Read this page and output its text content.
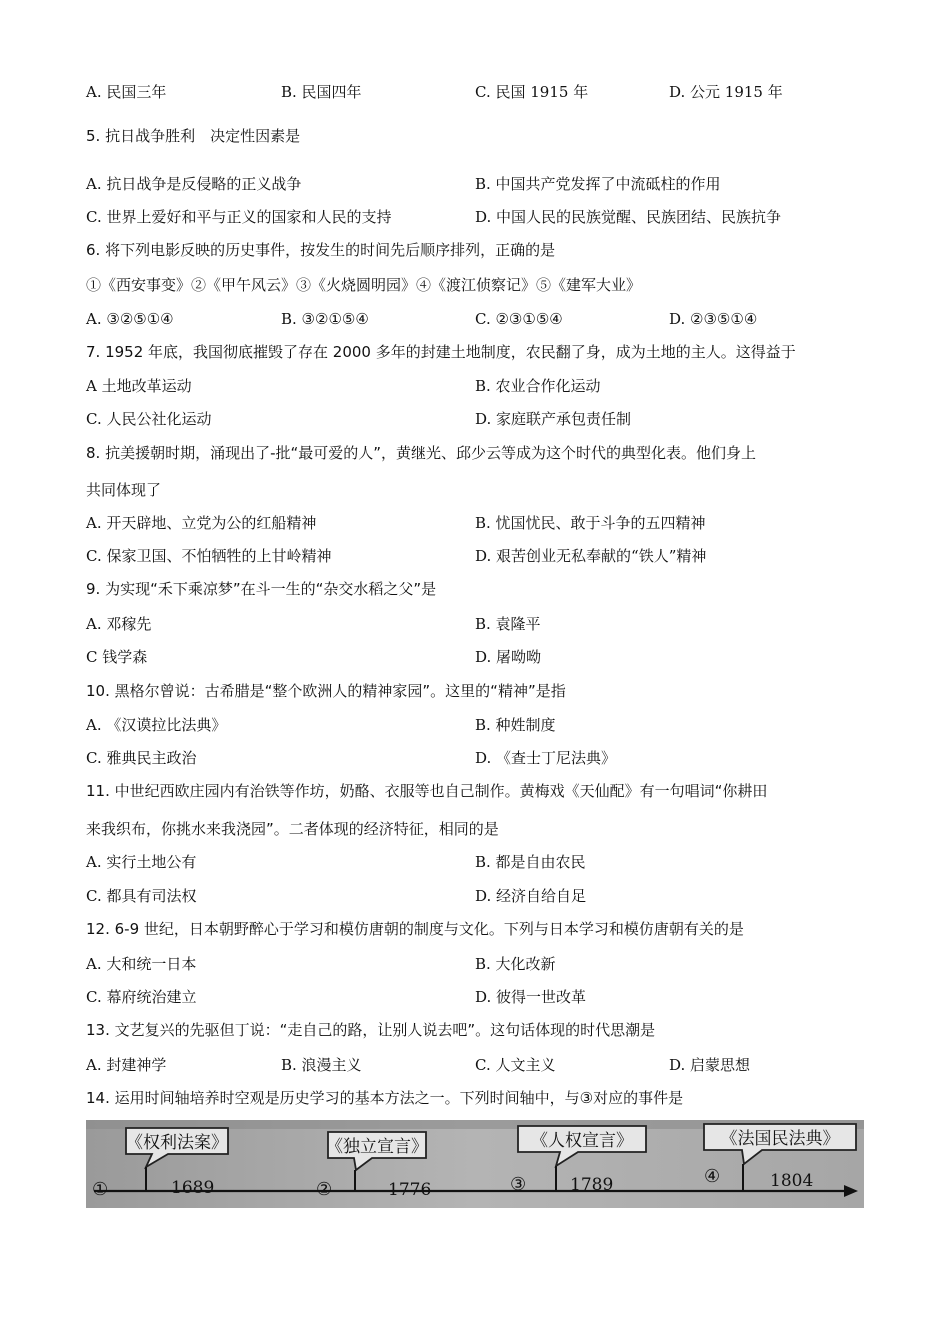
A. 民国三年	B. 民国四年	C. 民国 1915 年	D. 公元 1915 年
5. 抗日战争胜利　决定性因素是
A. 抗日战争是反侵略的正义战争	B. 中国共产党发挥了中流砥柱的作用
C. 世界上爱好和平与正义的国家和人民的支持	D. 中国人民的民族觉醒、民族团结、民族抗争
6. 将下列电影反映的历史事件，按发生的时间先后顺序排列，正确的是
①《西安事变》②《甲午风云》③《火烧圆明园》④《渡江侦察记》⑤《建军大业》
A. ③②⑤①④	B. ③②①⑤④	C. ②③①⑤④	D. ②③⑤①④
7. 1952 年底，我国彻底摧毁了存在 2000 多年的封建土地制度，农民翻了身，成为土地的主人。这得益于
A 土地改革运动	B. 农业合作化运动
C. 人民公社化运动	D. 家庭联产承包责任制
8. 抗美援朝时期，涌现出了-批“最可爱的人”，黄继光、邱少云等成为这个时代的典型化表。他们身上
共同体现了
A. 开天辟地、立党为公的红船精神	B. 忧国忧民、敢于斗争的五四精神
C. 保家卫国、不怕牺牲的上甘岭精神	D. 艰苦创业无私奉献的“铁人”精神
9. 为实现“禾下乘凉梦”在斗一生的“杂交水稻之父”是
A. 邓稼先	B. 袁隆平
C 钱学森	D. 屠呦呦
10. 黑格尔曾说：古希腊是“整个欧洲人的精神家园”。这里的“精神”是指
A. 《汉谟拉比法典》	B. 种姓制度
C. 雅典民主政治	D. 《查士丁尼法典》
11. 中世纪西欧庄园内有治铁等作坊，奶酪、衣服等也自己制作。黄梅戏《天仙配》有一句唱词“你耕田
来我织布，你挑水来我浇园”。二者体现的经济特征，相同的是
A. 实行土地公有	B. 都是自由农民
C. 都具有司法权	D. 经济自给自足
12. 6-9 世纪，日本朝野醉心于学习和模仿唐朝的制度与文化。下列与日本学习和模仿唐朝有关的是
A. 大和统一日本	B. 大化改新
C. 幕府统治建立	D. 彼得一世改革
13. 文艺复兴的先驱但丁说：“走自己的路，让别人说去吧”。这句话体现的时代思潮是
A. 封建神学	B. 浪漫主义	C. 人文主义	D. 启蒙思想
14. 运用时间轴培养时空观是历史学习的基本方法之一。下列时间轴中，与③对应的事件是
《权利法案》
①	1689
《独立宣言》
②	1776
《人权宣言》
③	1789
《法国民法典》
④	1804
